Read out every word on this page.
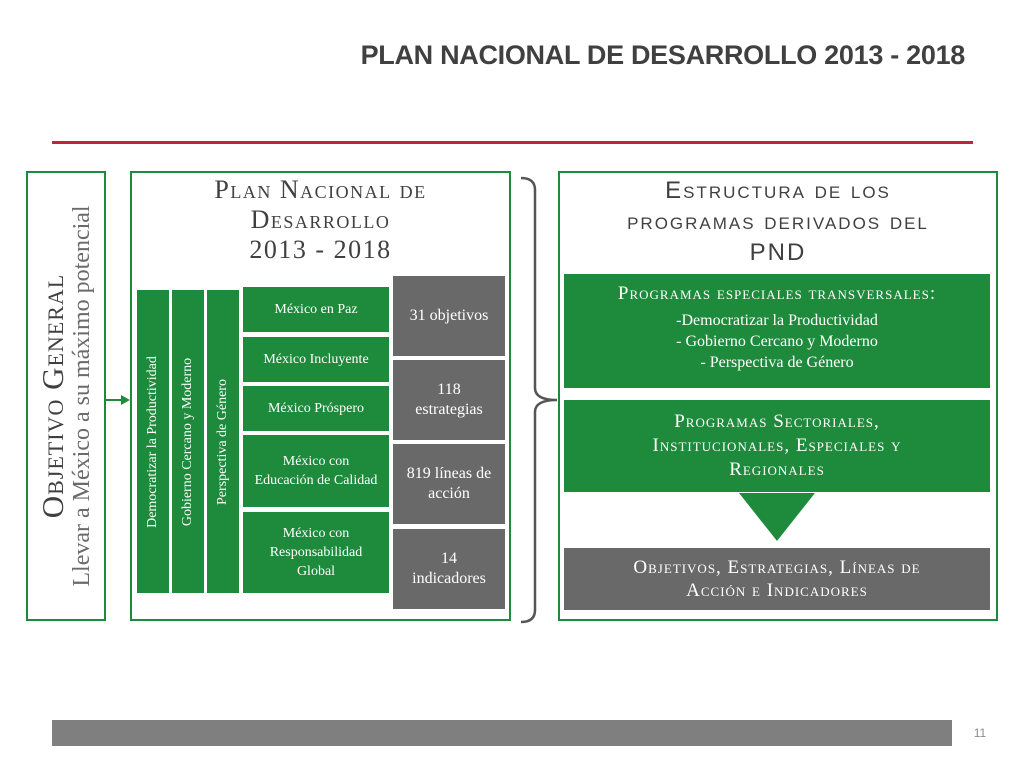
PLAN NACIONAL DE DESARROLLO 2013 - 2018
Objetivo General
Llevar a México a su máximo potencial
Plan Nacional de
Desarrollo
2013 - 2018
Democratizar la Productividad Gobierno Cercano y Moderno Perspectiva de Género
México en Paz
México Incluyente
México Próspero
México con Educación de Calidad
México con Responsabilidad Global
31 objetivos
118 estrategias
819 líneas de acción
14 indicadores
Estructura de los
programas derivados del
PND
Programas especiales transversales:
-Democratizar la Productividad
- Gobierno Cercano y Moderno
- Perspectiva de Género
Programas Sectoriales,
Institucionales, Especiales y
Regionales
Objetivos, Estrategias, Líneas de
Acción e Indicadores
11
